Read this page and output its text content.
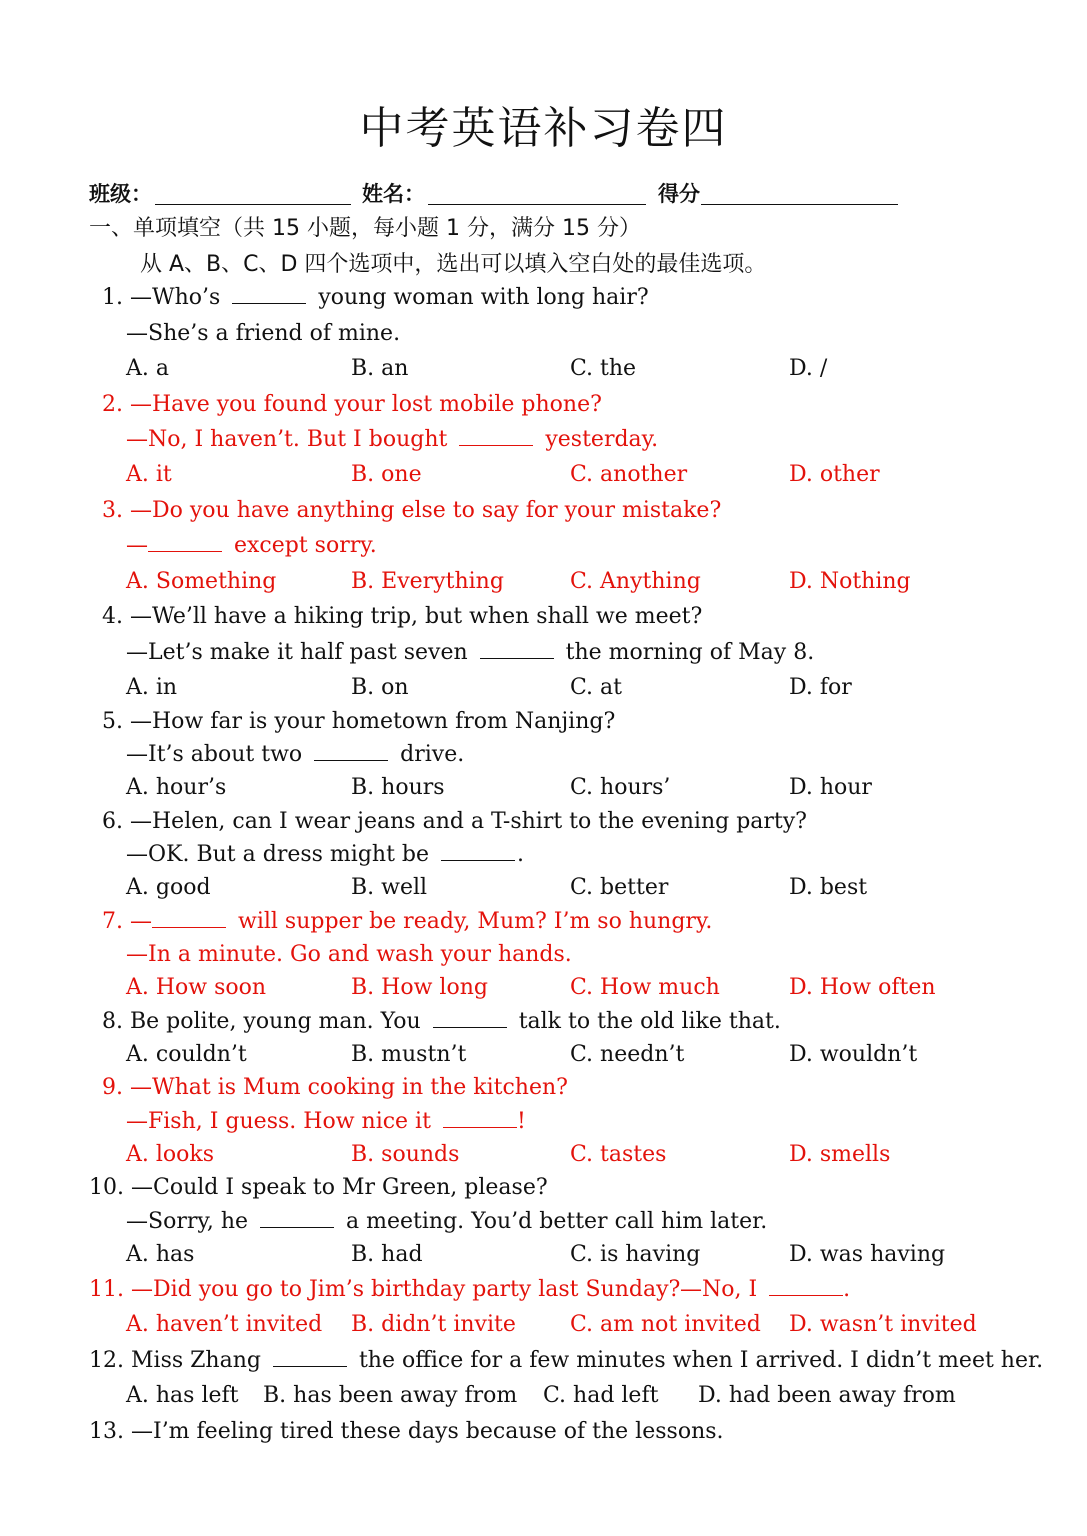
中考英语补习卷四
班级：	姓名：	得分
一、单项填空（共 15 小题，每小题 1 分，满分 15 分）
从 A、B、C、D 四个选项中，选出可以填入空白处的最佳选项。
1. —Who’s	young woman with long hair?
—She’s a friend of mine.
A. a	B. an	C. the	D. /
2. —Have you found your lost mobile phone?
—No, I haven’t. But I bought	yesterday.
A. it	B. one	C. another	D. other
3. —Do you have anything else to say for your mistake?
—	except sorry.
A. Something	B. Everything	C. Anything	D. Nothing
4. —We’ll have a hiking trip, but when shall we meet?
—Let’s make it half past seven	the morning of May 8.
A. in	B. on	C. at	D. for
5. —How far is your hometown from Nanjing?
—It’s about two	drive.
A. hour’s	B. hours	C. hours’	D. hour
6. —Helen, can I wear jeans and a T-shirt to the evening party?
—OK. But a dress might be	.
A. good	B. well	C. better	D. best
7. —	will supper be ready, Mum? I’m so hungry.
—In a minute. Go and wash your hands.
A. How soon	B. How long	C. How much	D. How often
8. Be polite, young man. You	talk to the old like that.
A. couldn’t	B. mustn’t	C. needn’t	D. wouldn’t
9. —What is Mum cooking in the kitchen?
—Fish, I guess. How nice it	!
A. looks	B. sounds	C. tastes	D. smells
10. —Could I speak to Mr Green, please?
—Sorry, he	a meeting. You’d better call him later.
A. has	B. had	C. is having	D. was having
11. —Did you go to Jim’s birthday party last Sunday? —No, I	.
A. haven’t invited B. didn’t invite C. am not invited D. wasn’t invited
12. Miss Zhang	the office for a few minutes when I arrived. I didn’t meet her.
A. has left B. has been away from C. had left D. had been away from
13. —I’m feeling tired these days because of the lessons.
